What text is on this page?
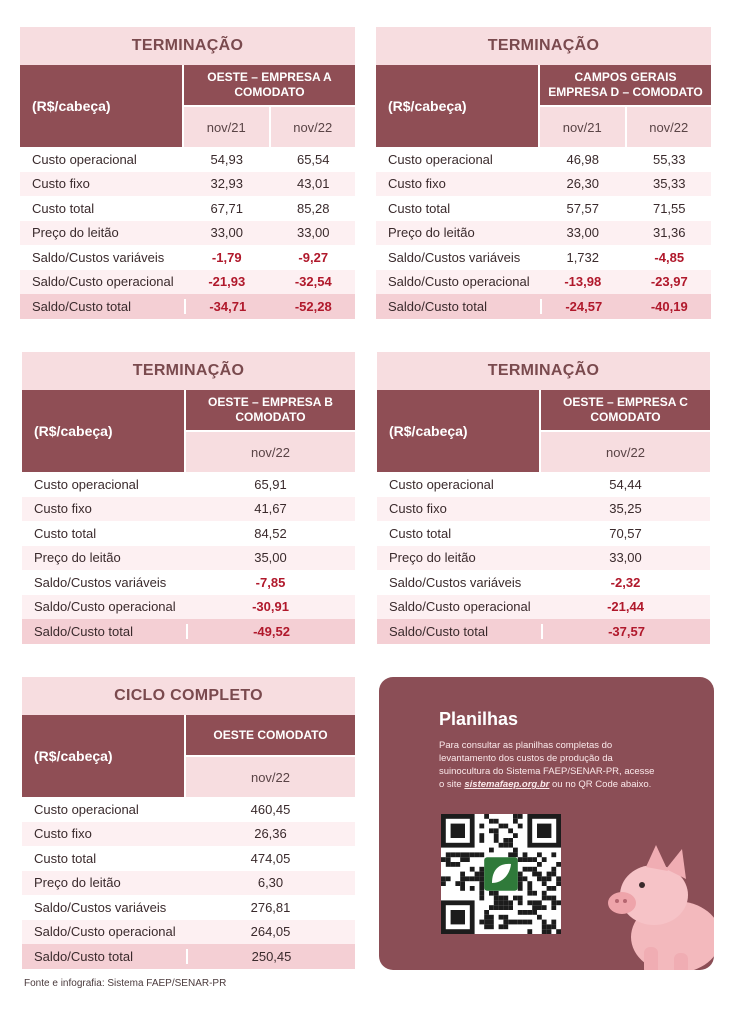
TERMINAÇÃO
(R$/cabeça)
OESTE – EMPRESA A COMODATO
nov/21	nov/22
Custo operacional	54,93	65,54
Custo fixo	32,93	43,01
Custo total	67,71	85,28
Preço do leitão	33,00	33,00
Saldo/Custos variáveis	-1,79	-9,27
Saldo/Custo operacional	-21,93	-32,54
Saldo/Custo total	-34,71	-52,28
TERMINAÇÃO
(R$/cabeça)
CAMPOS GERAIS EMPRESA D – COMODATO
nov/21	nov/22
Custo operacional	46,98	55,33
Custo fixo	26,30	35,33
Custo total	57,57	71,55
Preço do leitão	33,00	31,36
Saldo/Custos variáveis	1,732	-4,85
Saldo/Custo operacional	-13,98	-23,97
Saldo/Custo total	-24,57	-40,19
TERMINAÇÃO
(R$/cabeça)
OESTE – EMPRESA B COMODATO
nov/22
Custo operacional	65,91
Custo fixo	41,67
Custo total	84,52
Preço do leitão	35,00
Saldo/Custos variáveis	-7,85
Saldo/Custo operacional	-30,91
Saldo/Custo total	-49,52
TERMINAÇÃO
(R$/cabeça)
OESTE – EMPRESA C COMODATO
nov/22
Custo operacional	54,44
Custo fixo	35,25
Custo total	70,57
Preço do leitão	33,00
Saldo/Custos variáveis	-2,32
Saldo/Custo operacional	-21,44
Saldo/Custo total	-37,57
CICLO COMPLETO
(R$/cabeça)
OESTE COMODATO
nov/22
Custo operacional	460,45
Custo fixo	26,36
Custo total	474,05
Preço do leitão	6,30
Saldo/Custos variáveis	276,81
Saldo/Custo operacional	264,05
Saldo/Custo total	250,45
Planilhas
Para consultar as planilhas completas do levantamento dos custos de produção da suinocultura do Sistema FAEP/SENAR-PR, acesse o site sistemafaep.org.br ou no QR Code abaixo.
Fonte e infografia: Sistema FAEP/SENAR-PR
